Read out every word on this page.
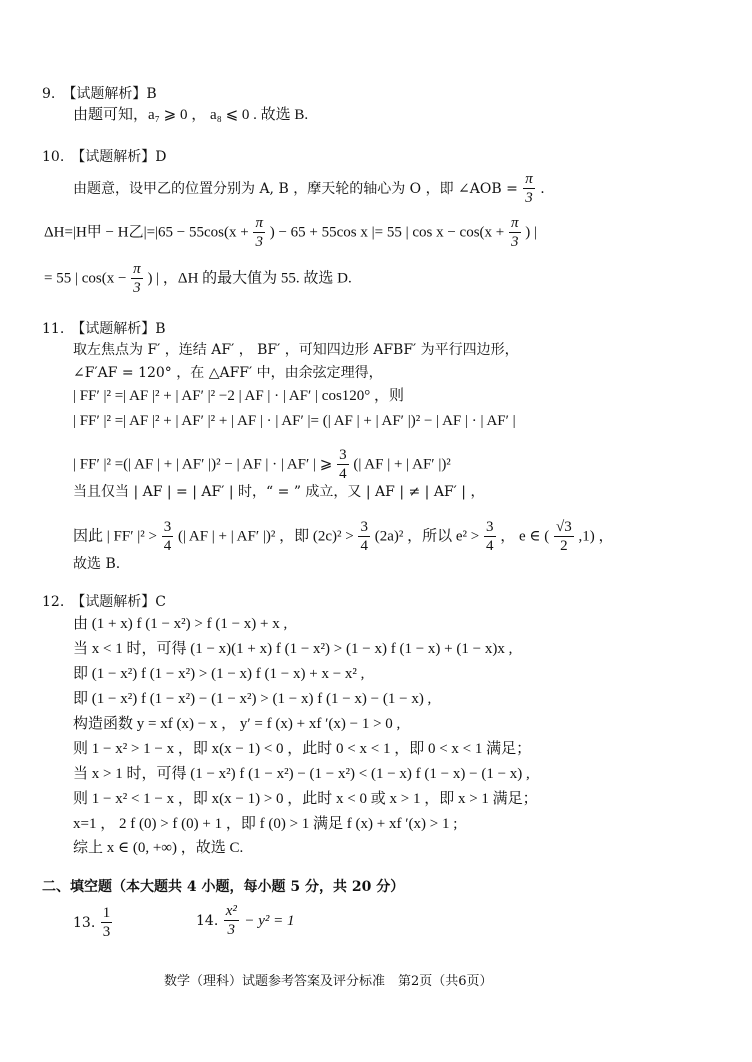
9.　【试题解析】B
由题可知，a₇ ⩾ 0 ， a₈ ⩽ 0 . 故选 B.
10.　【试题解析】D
由题意，设甲乙的位置分别为 A, B ，摩天轮的轴心为 O ，即 ∠AOB = $\frac{\pi}{3}$ .
ΔH=|H甲 − H乙$|=|65 - 55\cos(x + \frac{\pi}{3}$ ) − 65 + 55cos x |= 55 | $\cos x - \cos(x + \frac{\pi}{3}$ ) |
= 55 | $\cos(x - \frac{\pi}{3}$ ) | ，ΔH 的最大值为 55. 故选 D.
11.　【试题解析】B
取左焦点为 F′ ，连结 AF′ ， BF′ ，可知四边形 AFBF′ 为平行四边形，
∠F′AF = 120° ，在 △AFF′ 中，由余弦定理得，
| FF′ |² =| AF |² + | AF′ |² −2 | AF | · | AF′ | cos120° ，则
| FF′ |² =| AF |² + | AF′ |² + | AF | · | AF′ |= (| AF | + | AF′ |)² − | AF | · | AF′ |
| FF′ |² =(| AF | + | AF′ |)² − | AF | · | AF′ | ⩾ $\frac{3}{4}$ (| AF | + | AF′ |)²
当且仅当 | AF | = | AF′ | 时，“ = ” 成立，又 | AF | ≠ | AF′ | ，
因此 | FF′ $|^2 > \frac{3}{4}$ (| AF | + | AF′ |)² ，即 $(2c)^2 > \frac{3}{4} (2a)^2$ ，所以 $e^2 > \frac{3}{4}$ ， e ∈ ( $\frac{√3}{2} ,1$) ，
故选 B.
12.　【试题解析】C
由 (1 + x) f (1 − x²) > f (1 − x) + x ,
当 x < 1 时，可得 (1 − x)(1 + x) f (1 − x²) > (1 − x) f (1 − x) + (1 − x)x ,
即 (1 − x²) f (1 − x²) > (1 − x) f (1 − x) + x − x² ,
即 (1 − x²) f (1 − x²) − (1 − x²) > (1 − x) f (1 − x) − (1 − x) ,
构造函数 y = xf (x) − x ， y′ = f (x) + xf ′(x) − 1 > 0 ,
则 1 − x² > 1 − x ，即 x(x − 1) < 0 ，此时 0 < x < 1 ，即 0 < x < 1 满足；
当 x > 1 时，可得 (1 − x²) f (1 − x²) − (1 − x²) < (1 − x) f (1 − x) − (1 − x) ,
则 1 − x² < 1 − x ，即 x(x − 1) > 0 ，此时 x < 0 或 x > 1 ，即 x > 1 满足；
x=1 ， 2 f (0) > f (0) + 1 ，即 f (0) > 1 满足 f (x) + xf ′(x) > 1 ;
综上 x ∈ (0, +∞) ，故选 C.
二、填空题（本大题共 4 小题，每小题 5 分，共 20 分）
13. $\frac{1}{3}$	14. $\frac{\text{x²}}{3} - y^2 = 1$
数学（理科）试题参考答案及评分标准　第2页（共6页）
